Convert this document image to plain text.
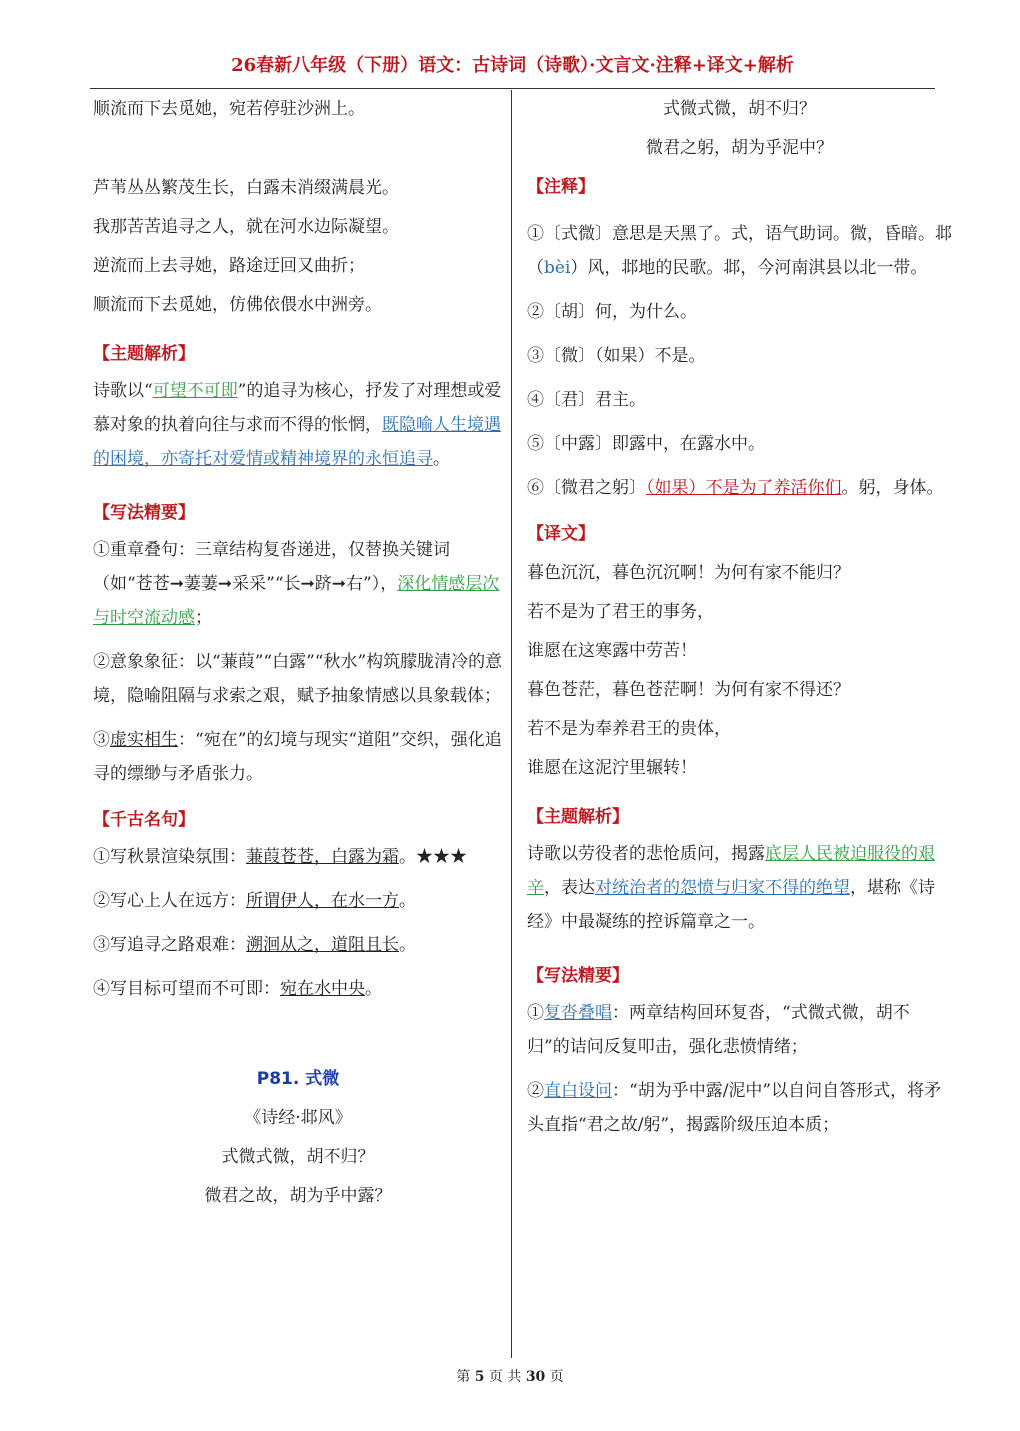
26春新八年级（下册）语文：古诗词（诗歌）·文言文·注释+译文+解析

顺流而下去觅她，宛若停驻沙洲上。

芦苇丛丛繁茂生长，白露未消缀满晨光。

我那苦苦追寻之人，就在河水边际凝望。

逆流而上去寻她，路途迂回又曲折；

顺流而下去觅她，仿佛依偎水中洲旁。

【主题解析】

诗歌以“可望不可即”的追寻为核心，抒发了对理想或爱慕对象的执着向往与求而不得的怅惘，既隐喻人生境遇的困境，亦寄托对爱情或精神境界的永恒追寻。

【写法精要】

①重章叠句：三章结构复沓递进，仅替换关键词（如“苍苍➞萋萋➞采采”“长➞跻➞右”），深化情感层次与时空流动感；

②意象象征：以“蒹葭”“白露”“秋水”构筑朦胧清冷的意境，隐喻阻隔与求索之艰，赋予抽象情感以具象载体；

③虚实相生：“宛在”的幻境与现实“道阻”交织，强化追寻的缥缈与矛盾张力。

【千古名句】

①写秋景渲染氛围：蒹葭苍苍，白露为霜。★★★

②写心上人在远方：所谓伊人，在水一方。

③写追寻之路艰难：溯洄从之，道阻且长。

④写目标可望而不可即：宛在水中央。

P81. 式微

《诗经·邶风》

式微式微，胡不归？

微君之故，胡为乎中露？

式微式微，胡不归？

微君之躬，胡为乎泥中？

【注释】

①〔式微〕意思是天黑了。式，语气助词。微，昏暗。邶（bèi）风，邶地的民歌。邶，今河南淇县以北一带。

②〔胡〕何，为什么。

③〔微〕（如果）不是。

④〔君〕君主。

⑤〔中露〕即露中，在露水中。

⑥〔微君之躬〕（如果）不是为了养活你们。躬，身体。

【译文】

暮色沉沉，暮色沉沉啊！为何有家不能归？

若不是为了君王的事务，

谁愿在这寒露中劳苦！

暮色苍茫，暮色苍茫啊！为何有家不得还？

若不是为奉养君王的贵体，

谁愿在这泥泞里辗转！

【主题解析】

诗歌以劳役者的悲怆质问，揭露底层人民被迫服役的艰辛，表达对统治者的怨愤与归家不得的绝望，堪称《诗经》中最凝练的控诉篇章之一。

【写法精要】

①复沓叠唱：两章结构回环复沓，“式微式微，胡不归”的诘问反复叩击，强化悲愤情绪；

②直白设问：“胡为乎中露/泥中”以自问自答形式，将矛头直指“君之故/躬”，揭露阶级压迫本质；

第 5 页 共 30 页
